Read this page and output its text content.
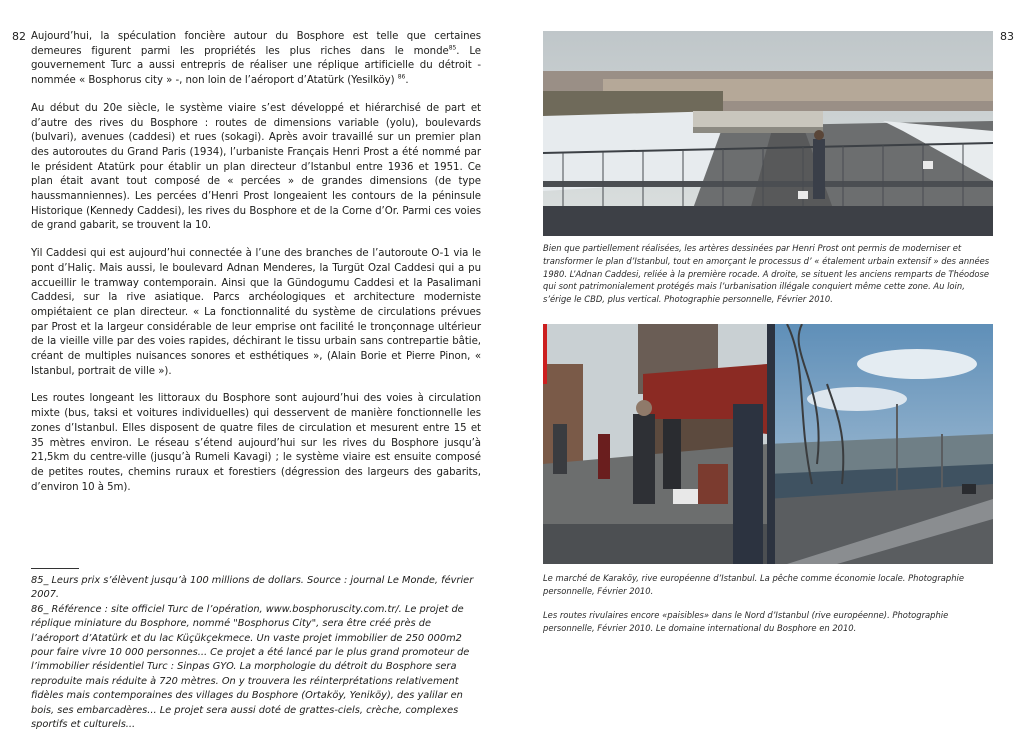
82	83

Aujourd’hui, la spéculation foncière autour du Bosphore est telle que certaines demeures figurent parmi les propriétés les plus riches dans le monde$^{85}$. Le gouvernement Turc a aussi entrepris de réaliser une réplique artificielle du détroit - nommée « Bosphorus city » -, non loin de l’aéroport d’Atatürk (Yesilköy) $^{86}$.

Au début du 20e siècle, le système viaire s’est développé et hiérarchisé de part et d’autre des rives du Bosphore : routes de dimensions variable (yolu), boulevards (bulvari), avenues (caddesi) et rues (sokagi). Après avoir travaillé sur un premier plan des autoroutes du Grand Paris (1934), l’urbaniste Français Henri Prost a été nommé par le président Atatürk pour établir un plan directeur d’Istanbul entre 1936 et 1951. Ce plan était avant tout composé de « percées » de grandes dimensions (de type haussmanniennes). Les percées d’Henri Prost longeaient les contours de la péninsule Historique (Kennedy Caddesi), les rives du Bosphore et de la Corne d’Or. Parmi ces voies de grand gabarit, se trouvent la 10.

Yil Caddesi qui est aujourd’hui connectée à l’une des branches de l’autoroute O-1 via le pont d’Haliç. Mais aussi, le boulevard Adnan Menderes, la Turgüt Ozal Caddesi qui a pu accueillir le tramway contemporain. Ainsi que la Gündogumu Caddesi et la Pasalimani Caddesi, sur la rive asiatique. Parcs archéologiques et architecture moderniste ompiétaient ce plan directeur. « La fonctionnalité du système de circulations prévues par Prost et la largeur considérable de leur emprise ont facilité le tronçonnage ultérieur de la vieille ville par des voies rapides, déchirant le tissu urbain sans contrepartie bâtie, créant de multiples nuisances sonores et esthétiques », (Alain Borie et Pierre Pinon, « Istanbul, portrait de ville »).

Les routes longeant les littoraux du Bosphore sont aujourd’hui des voies à circulation mixte (bus, taksi et voitures individuelles) qui desservent de manière fonctionnelle les zones d’Istanbul. Elles disposent de quatre files de circulation et mesurent entre 15 et 35 mètres environ. Le réseau s’étend aujourd’hui sur les rives du Bosphore jusqu’à 21,5km du centre-ville (jusqu’à Rumeli Kavagi) ; le système viaire est ensuite composé de petites routes, chemins ruraux et forestiers (dégression des largeurs des gabarits, d’environ 10 à 5m).

85_ Leurs prix s’élèvent jusqu’à 100 millions de dollars. Source : journal Le Monde, février 2007.

86_ Référence : site officiel Turc de l’opération, www.bosphoruscity.com.tr/. Le projet de réplique miniature du Bosphore, nommé "Bosphorus City", sera être créé près de l’aéroport d’Atatürk et du lac Küçükçekmece. Un vaste projet immobilier de 250 000m2 pour faire vivre 10 000 personnes... Ce projet a été lancé par le plus grand promoteur de l’immobilier résidentiel Turc : Sinpas GYO. La morphologie du détroit du Bosphore sera reproduite mais réduite à 720 mètres. On y trouvera les réinterprétations relativement fidèles mais contemporaines des villages du Bosphore (Ortaköy, Yeniköy), des yalilar en bois, ses embarcadères... Le projet sera aussi doté de grattes-ciels, crèche, complexes sportifs et culturels...

Bien que partiellement réalisées, les artères dessinées par Henri Prost ont permis de moderniser et transformer le plan d’Istanbul, tout en amorçant le processus d’ « étalement urbain extensif » des années 1980. L’Adnan Caddesi, reliée à la première rocade. A droite, se situent les anciens remparts de Théodose qui sont patrimonialement protégés mais l’urbanisation illégale conquiert même cette zone. Au loin, s’érige le CBD, plus vertical. Photographie personnelle, Février 2010.

Le marché de Karaköy, rive européenne d’Istanbul. La pêche comme économie locale. Photographie personnelle, Février 2010.

Les routes rivulaires encore «paisibles» dans le Nord d’Istanbul (rive européenne). Photographie personnelle, Février 2010. Le domaine international du Bosphore en 2010.
